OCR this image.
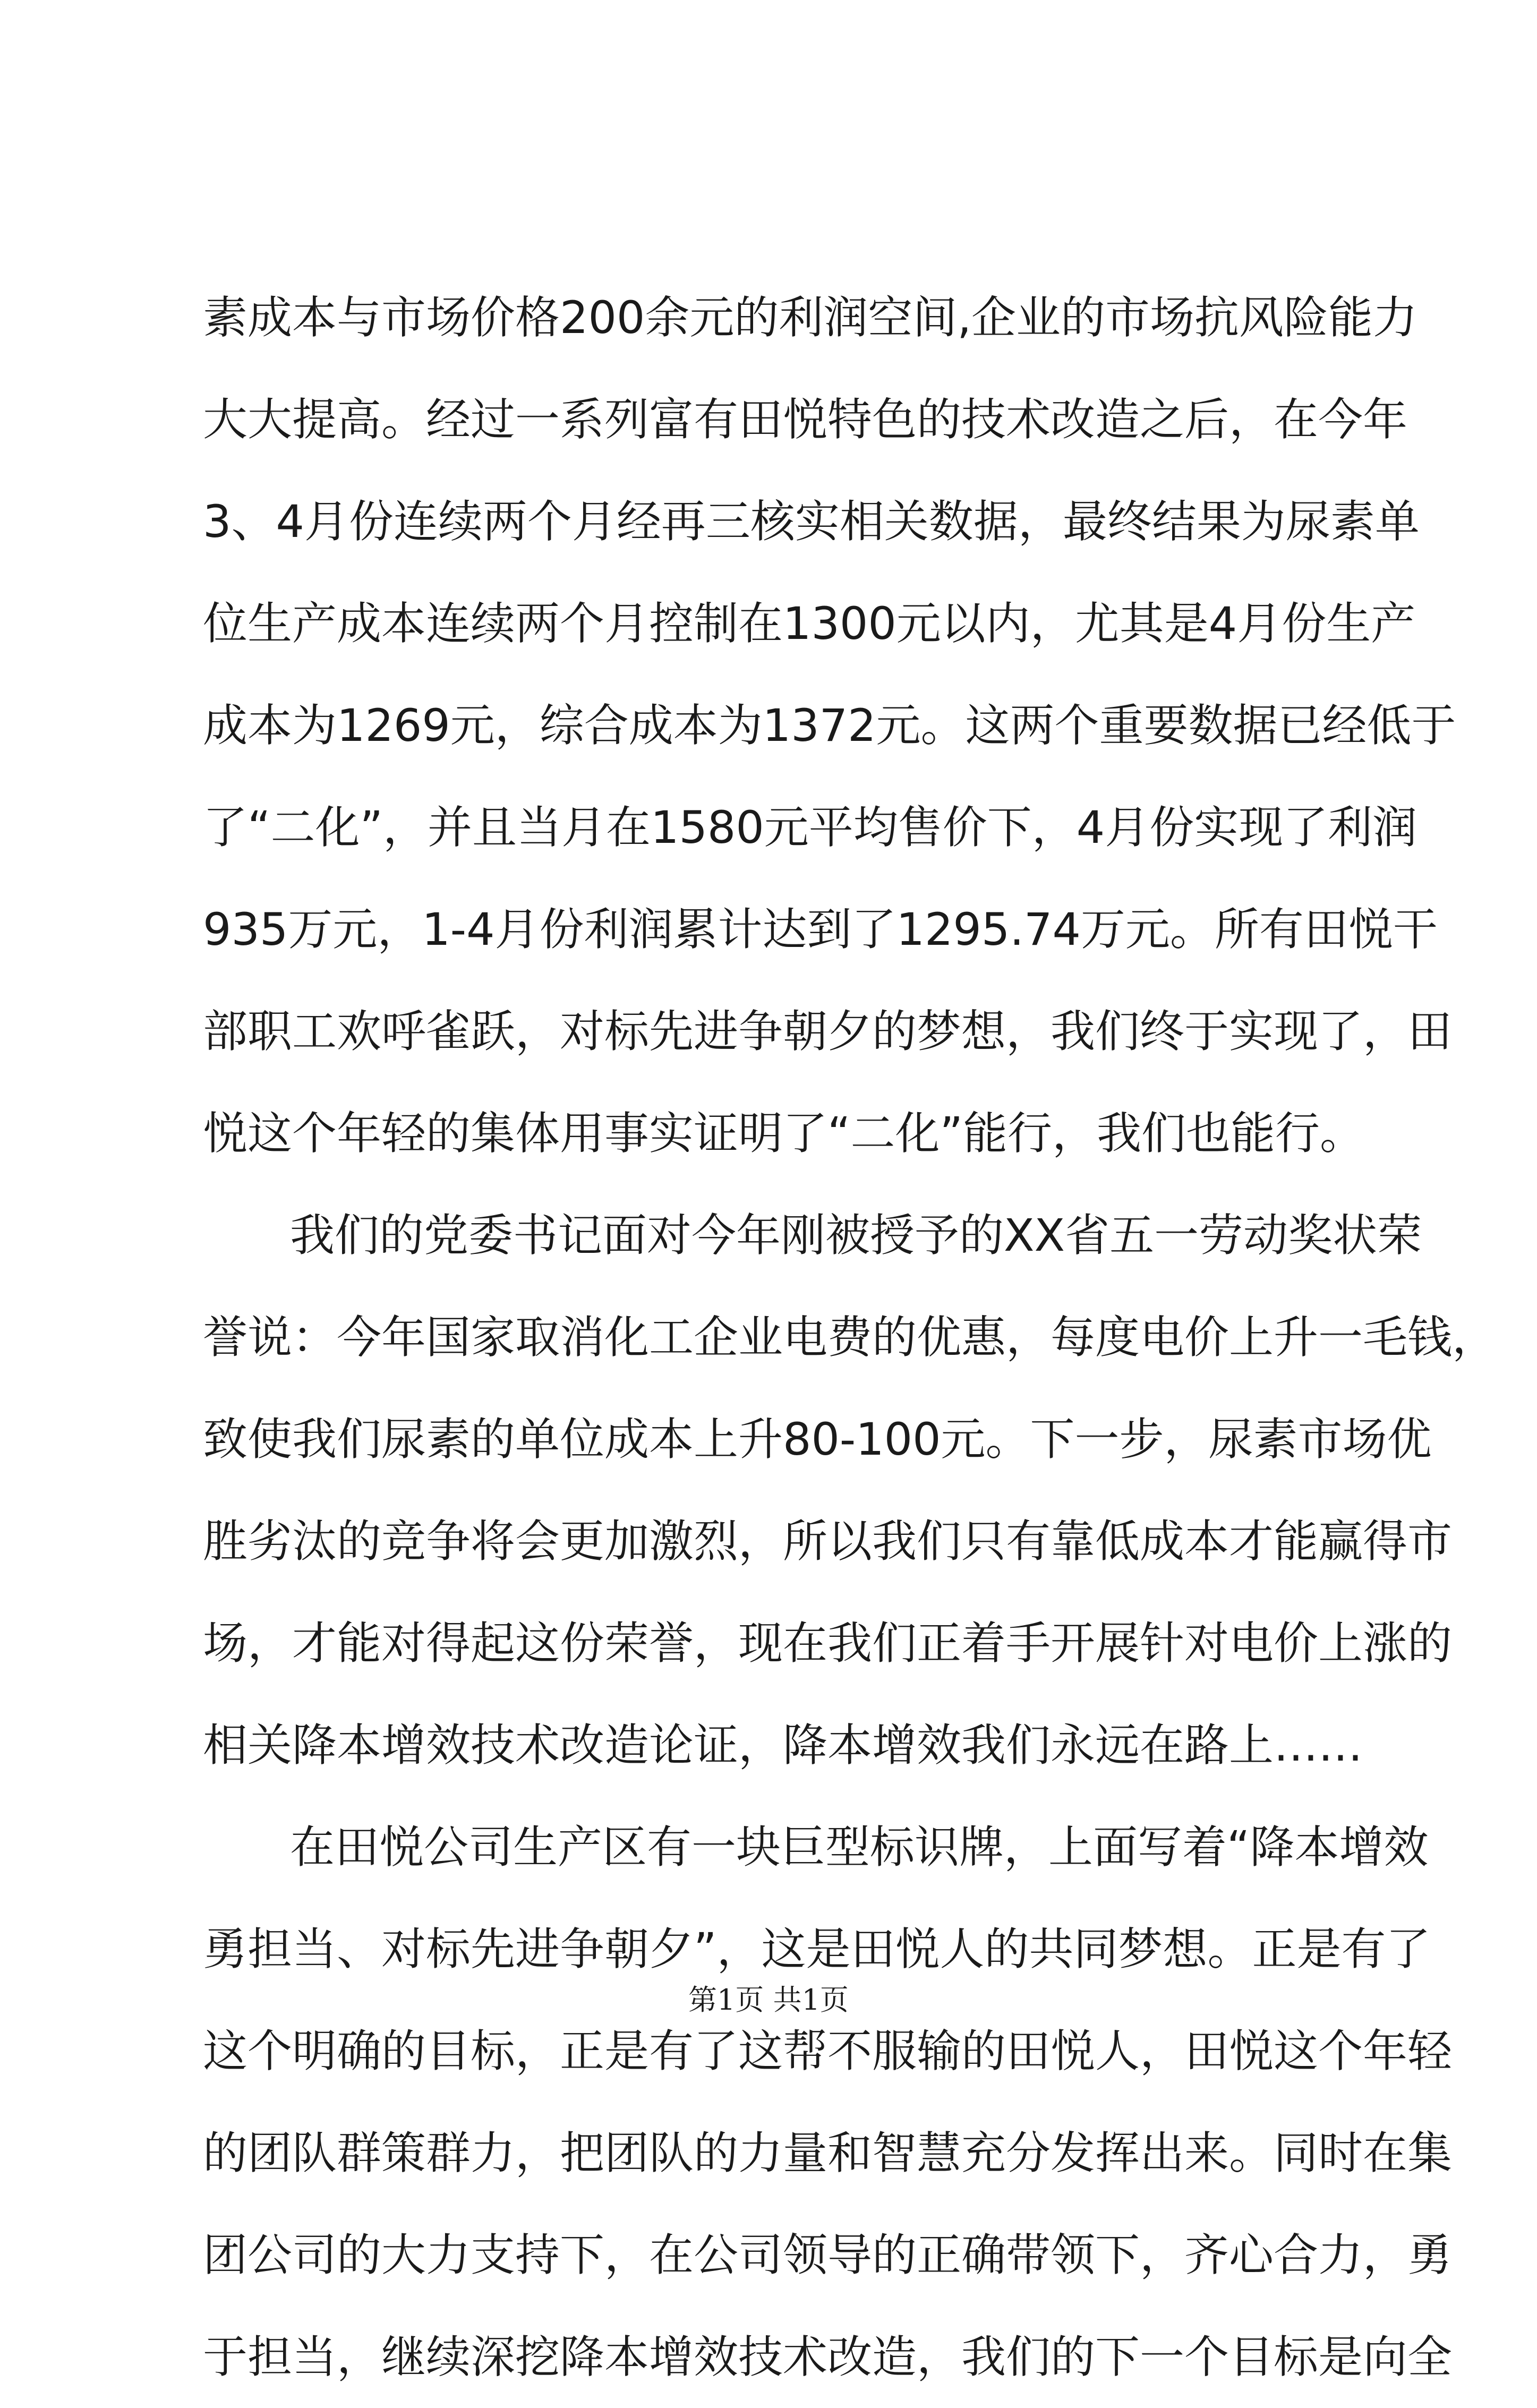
素成本与市场价格200余元的利润空间,企业的市场抗风险能力
大大提高。经过一系列富有田悦特色的技术改造之后，在今年
3、4月份连续两个月经再三核实相关数据，最终结果为尿素单
位生产成本连续两个月控制在1300元以内，尤其是4月份生产
成本为1269元，综合成本为1372元。这两个重要数据已经低于
了“二化”，并且当月在1580元平均售价下，4月份实现了利润
935万元，1-4月份利润累计达到了1295.74万元。所有田悦干
部职工欢呼雀跃，对标先进争朝夕的梦想，我们终于实现了，田
悦这个年轻的集体用事实证明了“二化”能行，我们也能行。
我们的党委书记面对今年刚被授予的XX省五一劳动奖状荣
誉说：今年国家取消化工企业电费的优惠，每度电价上升一毛钱，
致使我们尿素的单位成本上升80-100元。下一步，尿素市场优
胜劣汰的竞争将会更加激烈，所以我们只有靠低成本才能赢得市
场，才能对得起这份荣誉，现在我们正着手开展针对电价上涨的
相关降本增效技术改造论证，降本增效我们永远在路上……
在田悦公司生产区有一块巨型标识牌，上面写着“降本增效
勇担当、对标先进争朝夕”，这是田悦人的共同梦想。正是有了
这个明确的目标，正是有了这帮不服输的田悦人，田悦这个年轻
的团队群策群力，把团队的力量和智慧充分发挥出来。同时在集
团公司的大力支持下，在公司领导的正确带领下，齐心合力，勇
于担当，继续深挖降本增效技术改造，我们的下一个目标是向全
第1页 共1页
